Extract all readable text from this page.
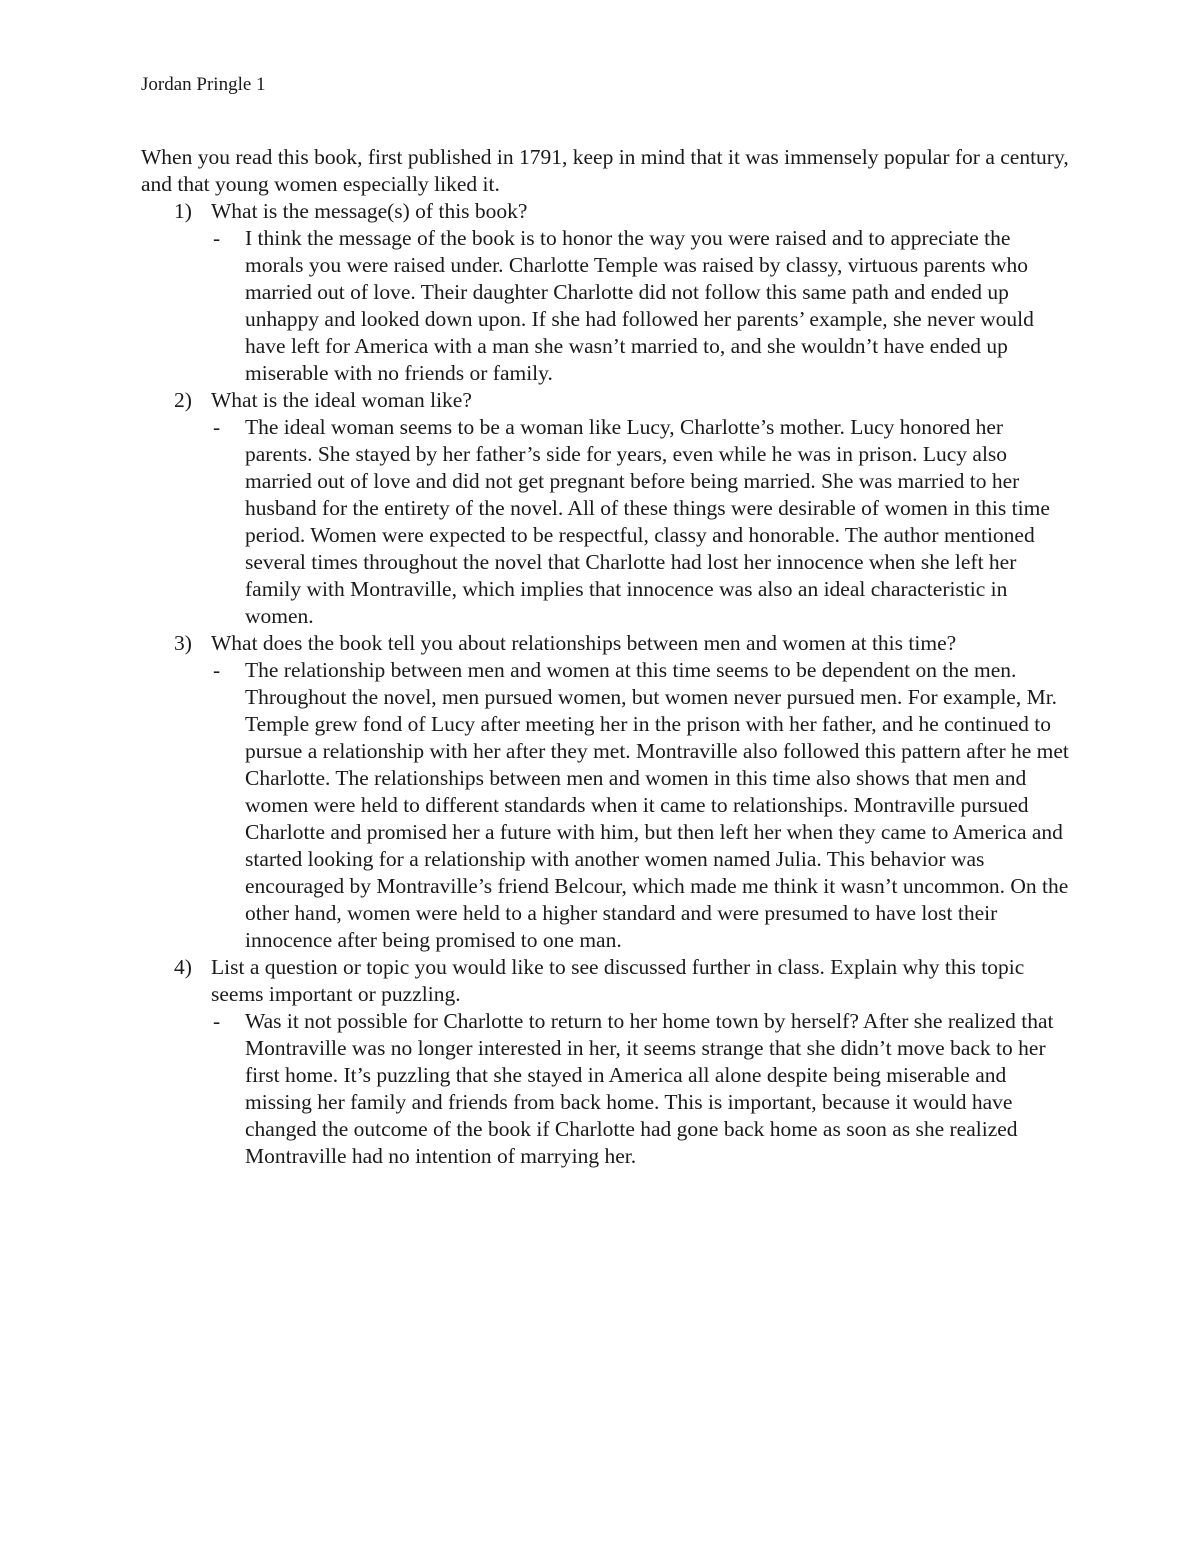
Jordan Pringle 1

When you read this book, first published in 1791, keep in mind that it was immensely popular for a century, and that young women especially liked it.

1) What is the message(s) of this book?

- I think the message of the book is to honor the way you were raised and to appreciate the morals you were raised under. Charlotte Temple was raised by classy, virtuous parents who married out of love. Their daughter Charlotte did not follow this same path and ended up unhappy and looked down upon. If she had followed her parents’ example, she never would have left for America with a man she wasn’t married to, and she wouldn’t have ended up miserable with no friends or family.

2) What is the ideal woman like?

- The ideal woman seems to be a woman like Lucy, Charlotte’s mother. Lucy honored her parents. She stayed by her father’s side for years, even while he was in prison. Lucy also married out of love and did not get pregnant before being married. She was married to her husband for the entirety of the novel. All of these things were desirable of women in this time period. Women were expected to be respectful, classy and honorable. The author mentioned several times throughout the novel that Charlotte had lost her innocence when she left her family with Montraville, which implies that innocence was also an ideal characteristic in women.

3) What does the book tell you about relationships between men and women at this time?

- The relationship between men and women at this time seems to be dependent on the men. Throughout the novel, men pursued women, but women never pursued men. For example, Mr. Temple grew fond of Lucy after meeting her in the prison with her father, and he continued to pursue a relationship with her after they met. Montraville also followed this pattern after he met Charlotte. The relationships between men and women in this time also shows that men and women were held to different standards when it came to relationships. Montraville pursued Charlotte and promised her a future with him, but then left her when they came to America and started looking for a relationship with another women named Julia. This behavior was encouraged by Montraville’s friend Belcour, which made me think it wasn’t uncommon. On the other hand, women were held to a higher standard and were presumed to have lost their innocence after being promised to one man.

4) List a question or topic you would like to see discussed further in class. Explain why this topic seems important or puzzling.

- Was it not possible for Charlotte to return to her home town by herself? After she realized that Montraville was no longer interested in her, it seems strange that she didn’t move back to her first home. It’s puzzling that she stayed in America all alone despite being miserable and missing her family and friends from back home. This is important, because it would have changed the outcome of the book if Charlotte had gone back home as soon as she realized Montraville had no intention of marrying her.
